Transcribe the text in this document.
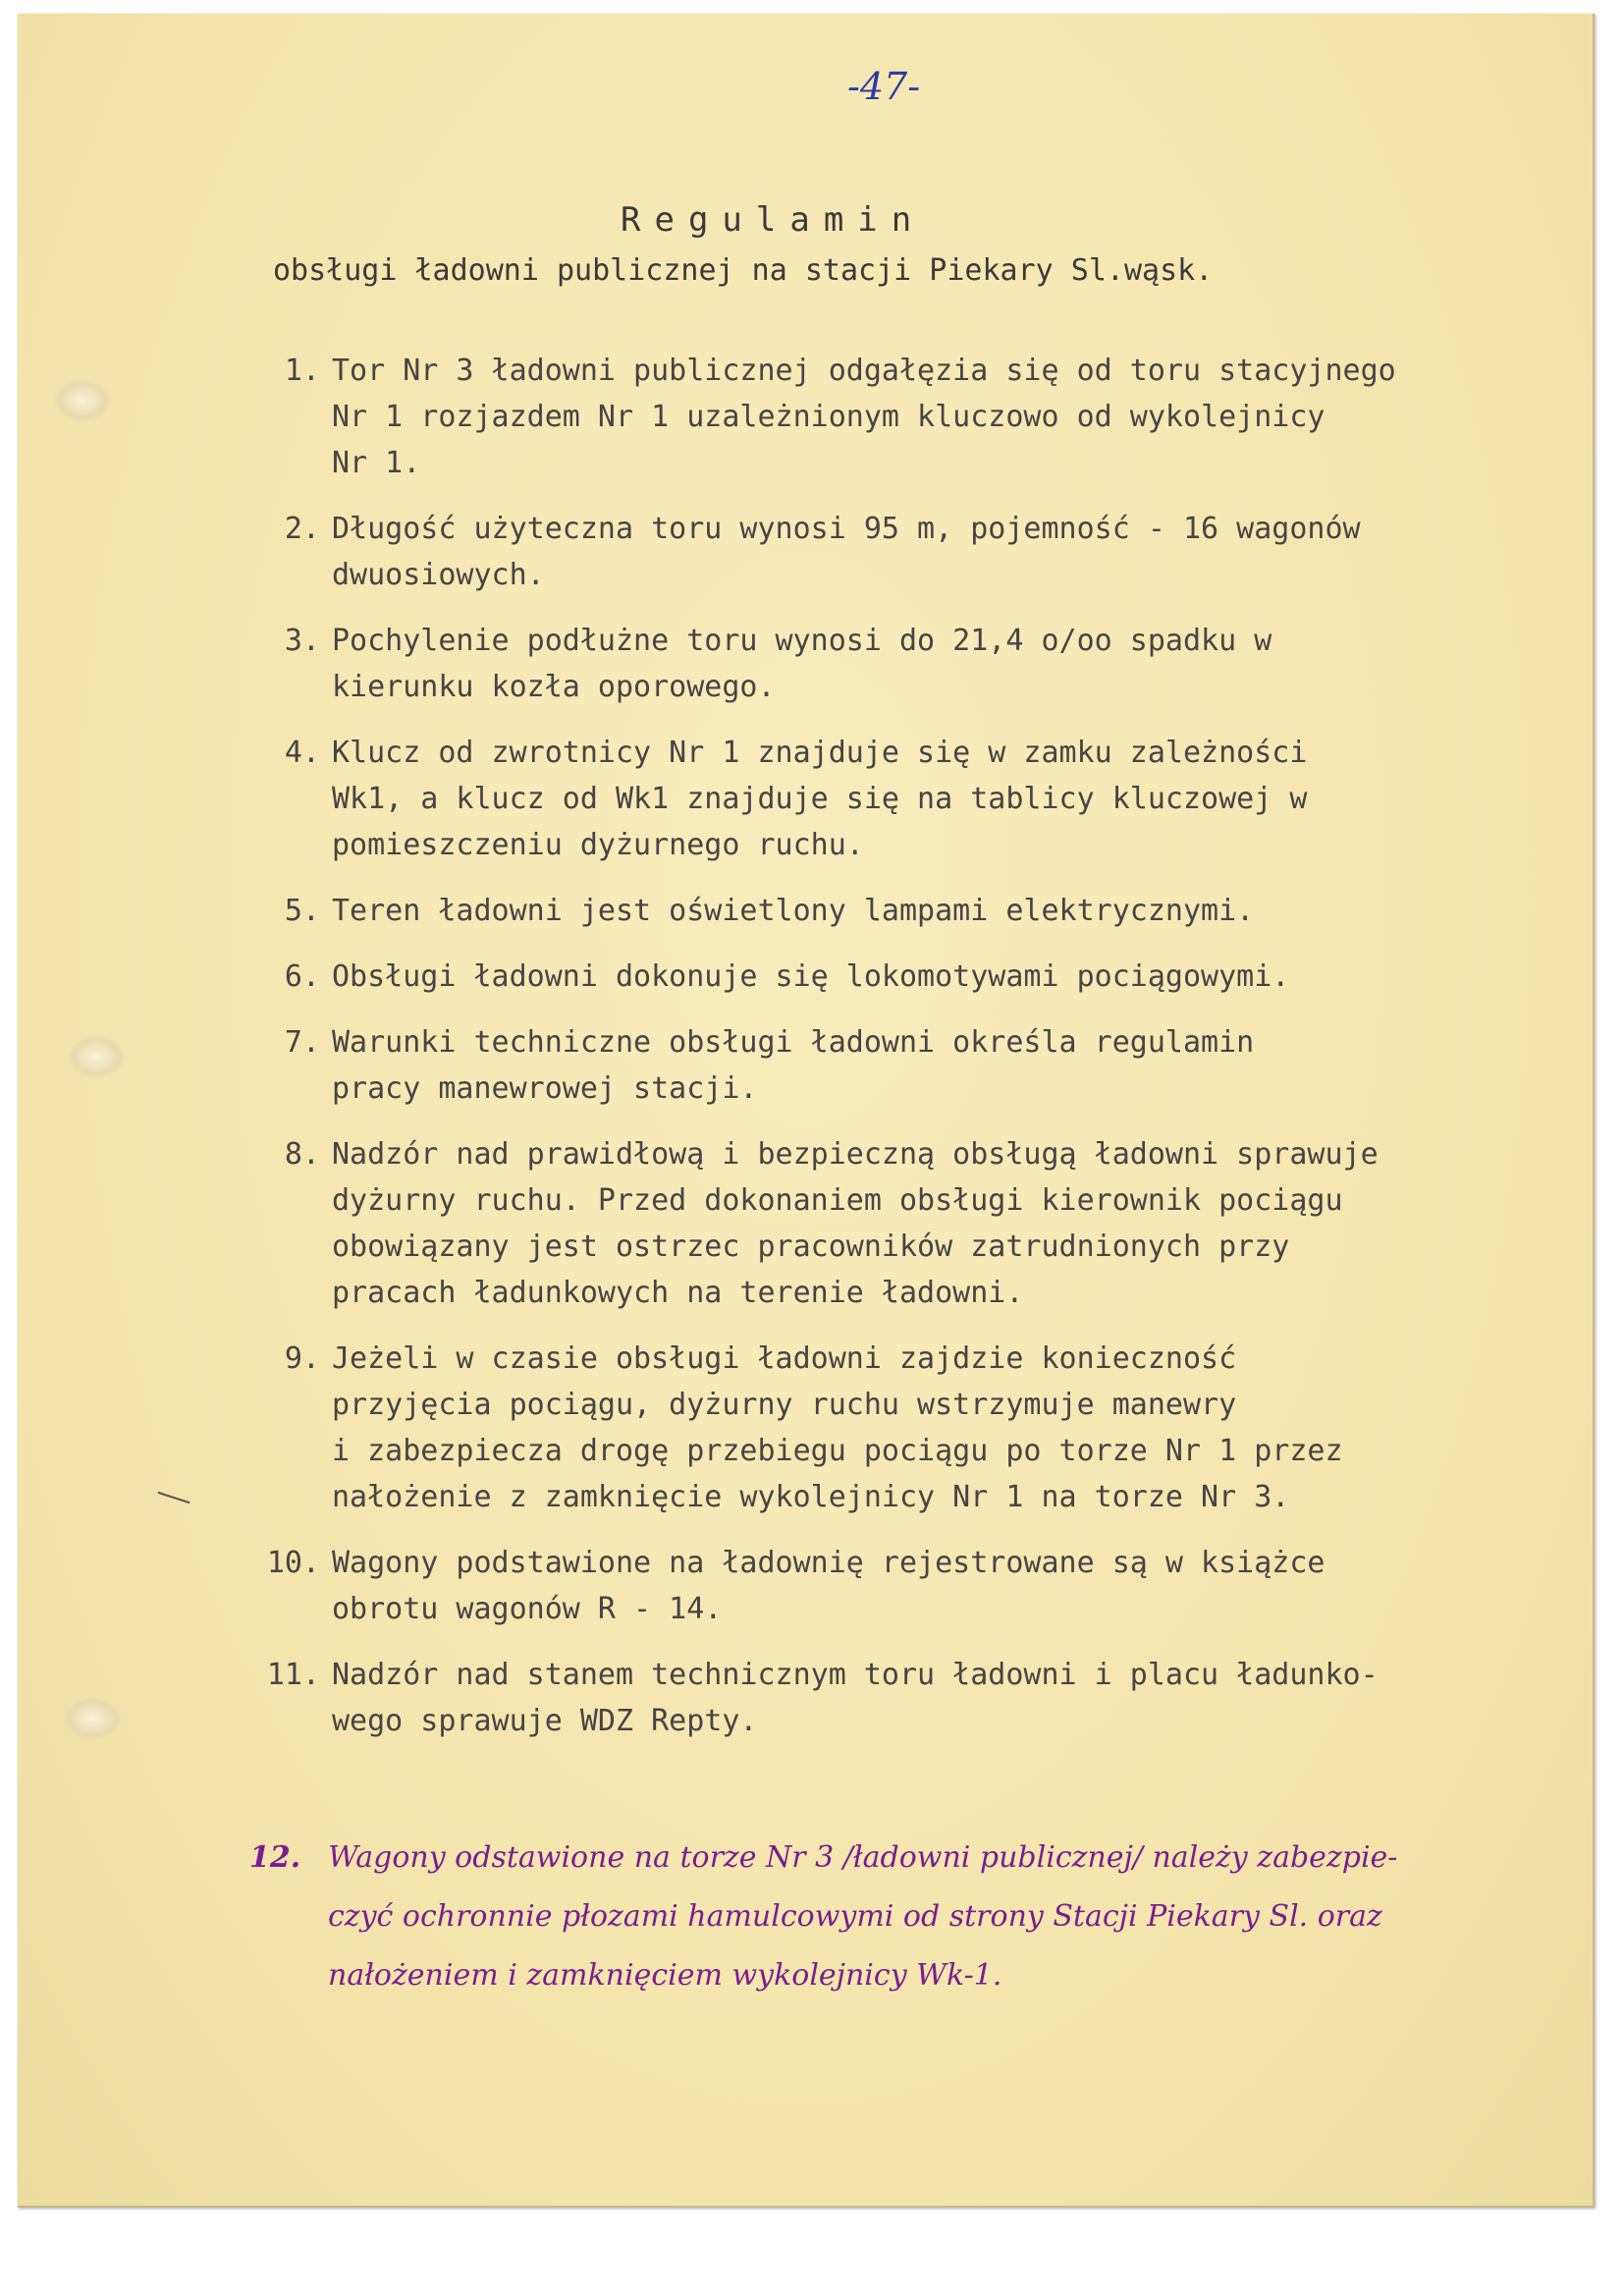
-47-
Regulamin
obsługi ładowni publicznej na stacji Piekary Sl.wąsk.
1. Tor Nr 3 ładowni publicznej odgałęzia się od toru stacyjnego
Nr 1 rozjazdem Nr 1 uzależnionym kluczowo od wykolejnicy
Nr 1.
2. Długość użyteczna toru wynosi 95 m, pojemność - 16 wagonów
dwuosiowych.
3. Pochylenie podłużne toru wynosi do 21,4 o/oo spadku w
kierunku kozła oporowego.
4. Klucz od zwrotnicy Nr 1 znajduje się w zamku zależności
Wk1, a klucz od Wk1 znajduje się na tablicy kluczowej w
pomieszczeniu dyżurnego ruchu.
5. Teren ładowni jest oświetlony lampami elektrycznymi.
6. Obsługi ładowni dokonuje się lokomotywami pociągowymi.
7. Warunki techniczne obsługi ładowni określa regulamin
pracy manewrowej stacji.
8. Nadzór nad prawidłową i bezpieczną obsługą ładowni sprawuje
dyżurny ruchu. Przed dokonaniem obsługi kierownik pociągu
obowiązany jest ostrzec pracowników zatrudnionych przy
pracach ładunkowych na terenie ładowni.
9. Jeżeli w czasie obsługi ładowni zajdzie konieczność
przyjęcia pociągu, dyżurny ruchu wstrzymuje manewry
i zabezpiecza drogę przebiegu pociągu po torze Nr 1 przez
nałożenie z zamknięcie wykolejnicy Nr 1 na torze Nr 3.
10. Wagony podstawione na ładownię rejestrowane są w książce
obrotu wagonów R - 14.
11. Nadzór nad stanem technicznym toru ładowni i placu ładunko-
wego sprawuje WDZ Repty.
12. Wagony odstawione na torze Nr 3 /ładowni publicznej/ należy zabezpie-
czyć ochronnie płozami hamulcowymi od strony Stacji Piekary Sl. oraz
nałożeniem i zamknięciem wykolejnicy Wk-1.
